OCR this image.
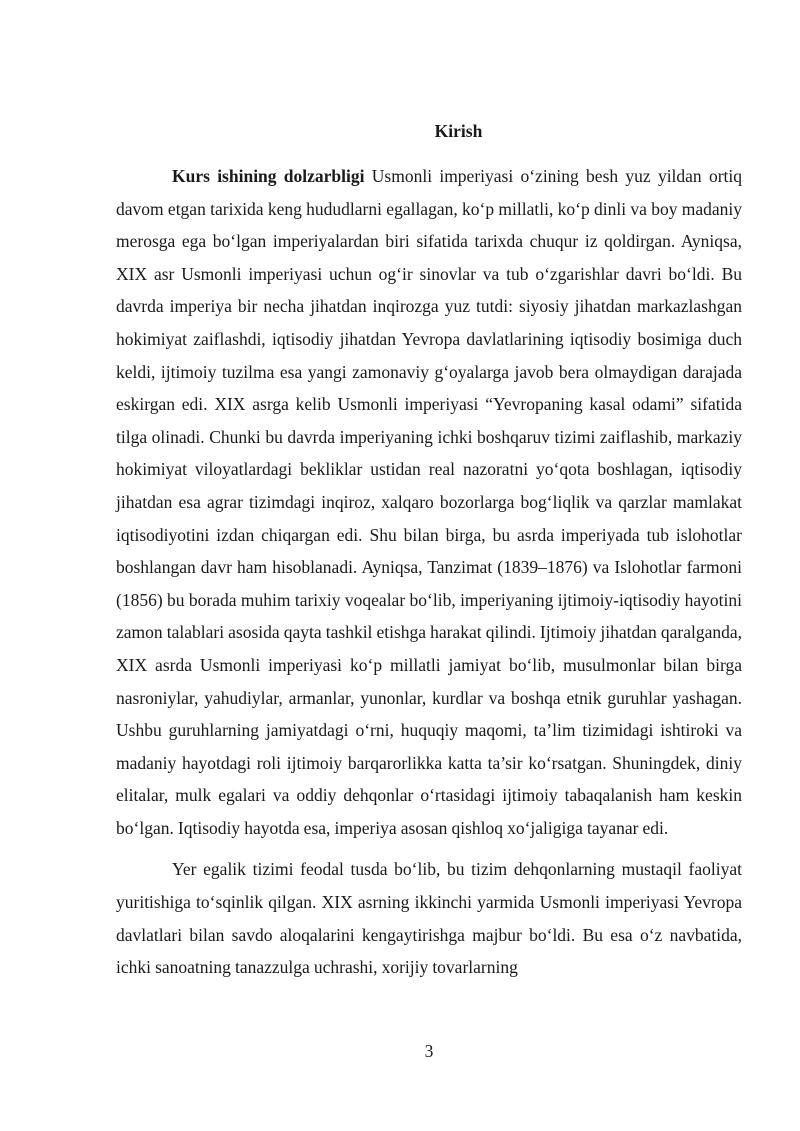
Kirish

Kurs ishining dolzarbligi Usmonli imperiyasi o‘zining besh yuz yildan ortiq davom etgan tarixida keng hududlarni egallagan, ko‘p millatli, ko‘p dinli va boy madaniy merosga ega bo‘lgan imperiyalardan biri sifatida tarixda chuqur iz qoldirgan. Ayniqsa, XIX asr Usmonli imperiyasi uchun og‘ir sinovlar va tub o‘zgarishlar davri bo‘ldi. Bu davrda imperiya bir necha jihatdan inqirozga yuz tutdi: siyosiy jihatdan markazlashgan hokimiyat zaiflashdi, iqtisodiy jihatdan Yevropa davlatlarining iqtisodiy bosimiga duch keldi, ijtimoiy tuzilma esa yangi zamonaviy g‘oyalarga javob bera olmaydigan darajada eskirgan edi. XIX asrga kelib Usmonli imperiyasi “Yevropaning kasal odami” sifatida tilga olinadi. Chunki bu davrda imperiyaning ichki boshqaruv tizimi zaiflashib, markaziy hokimiyat viloyatlardagi bekliklar ustidan real nazoratni yo‘qota boshlagan, iqtisodiy jihatdan esa agrar tizimdagi inqiroz, xalqaro bozorlarga bog‘liqlik va qarzlar mamlakat iqtisodiyotini izdan chiqargan edi. Shu bilan birga, bu asrda imperiyada tub islohotlar boshlangan davr ham hisoblanadi. Ayniqsa, Tanzimat (1839–1876) va Islohotlar farmoni (1856) bu borada muhim tarixiy voqealar bo‘lib, imperiyaning ijtimoiy-iqtisodiy hayotini zamon talablari asosida qayta tashkil etishga harakat qilindi. Ijtimoiy jihatdan qaralganda, XIX asrda Usmonli imperiyasi ko‘p millatli jamiyat bo‘lib, musulmonlar bilan birga nasroniylar, yahudiylar, armanlar, yunonlar, kurdlar va boshqa etnik guruhlar yashagan. Ushbu guruhlarning jamiyatdagi o‘rni, huquqiy maqomi, ta’lim tizimidagi ishtiroki va madaniy hayotdagi roli ijtimoiy barqarorlikka katta ta’sir ko‘rsatgan. Shuningdek, diniy elitalar, mulk egalari va oddiy dehqonlar o‘rtasidagi ijtimoiy tabaqalanish ham keskin bo‘lgan. Iqtisodiy hayotda esa, imperiya asosan qishloq xo‘jaligiga tayanar edi.

Yer egalik tizimi feodal tusda bo‘lib, bu tizim dehqonlarning mustaqil faoliyat yuritishiga to‘sqinlik qilgan. XIX asrning ikkinchi yarmida Usmonli imperiyasi Yevropa davlatlari bilan savdo aloqalarini kengaytirishga majbur bo‘ldi. Bu esa o‘z navbatida, ichki sanoatning tanazzulga uchrashi, xorijiy tovarlarning

3
